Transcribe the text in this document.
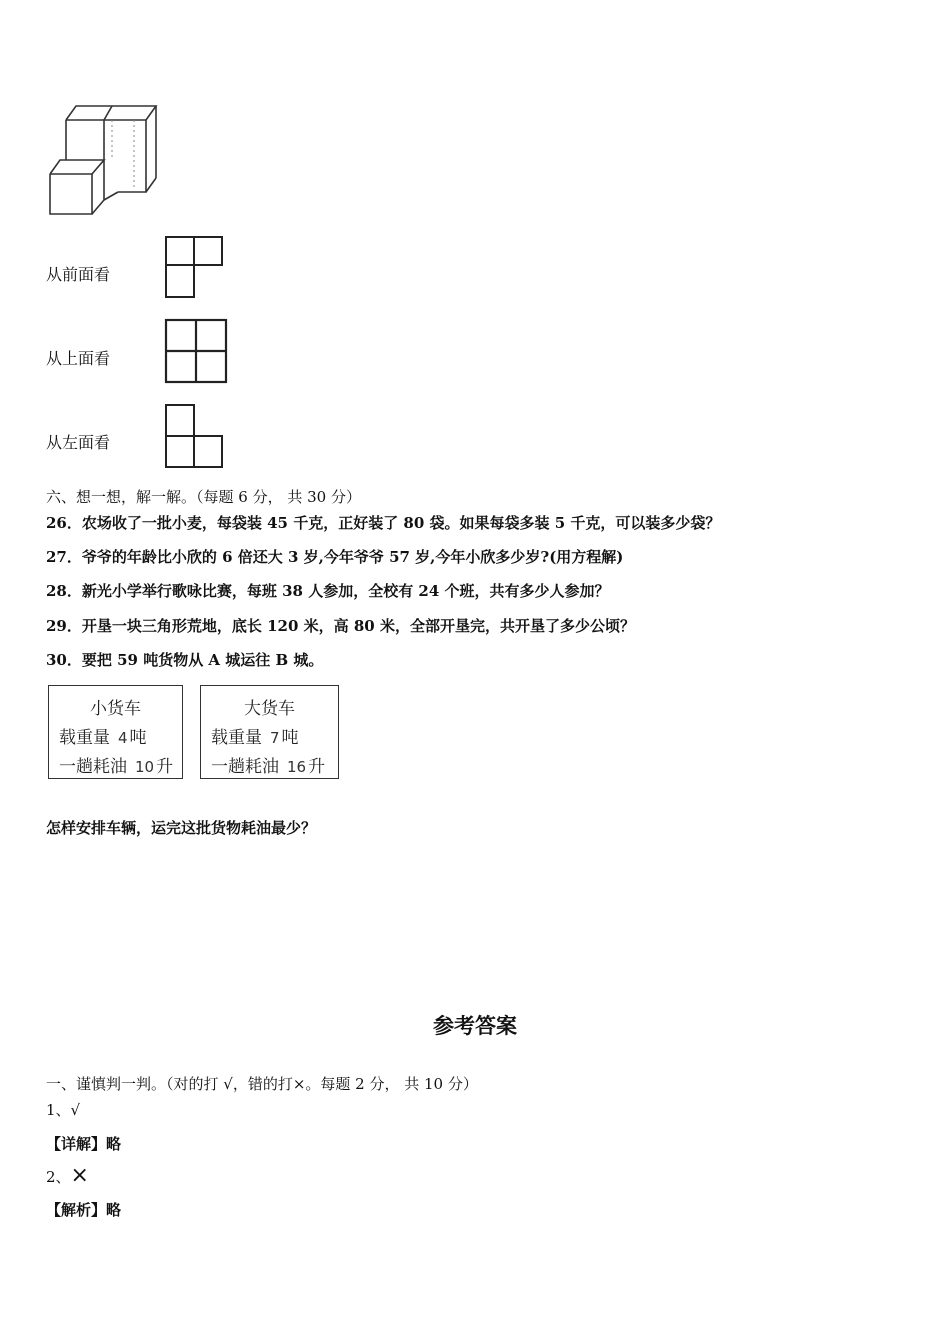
从前面看
从上面看
从左面看
六、想一想，解一解。（每题 6 分， 共 30 分）
26．农场收了一批小麦，每袋装 45 千克，正好装了 80 袋。如果每袋多装 5 千克，可以装多少袋？
27．爷爷的年龄比小欣的 6 倍还大 3 岁,今年爷爷 57 岁,今年小欣多少岁?(用方程解)
28．新光小学举行歌咏比赛，每班 38 人参加，全校有 24 个班，共有多少人参加？
29．开垦一块三角形荒地，底长 120 米，高 80 米，全部开垦完，共开垦了多少公顷？
30．要把 59 吨货物从 A 城运往 B 城。
小货车
载重量 4 吨
一趟耗油 10 升
大货车
载重量 7 吨
一趟耗油 16 升
怎样安排车辆，运完这批货物耗油最少？
参考答案
一、谨慎判一判。（对的打 √，错的打×。每题 2 分， 共 10 分）
1、√
【详解】略
2、×
【解析】略
